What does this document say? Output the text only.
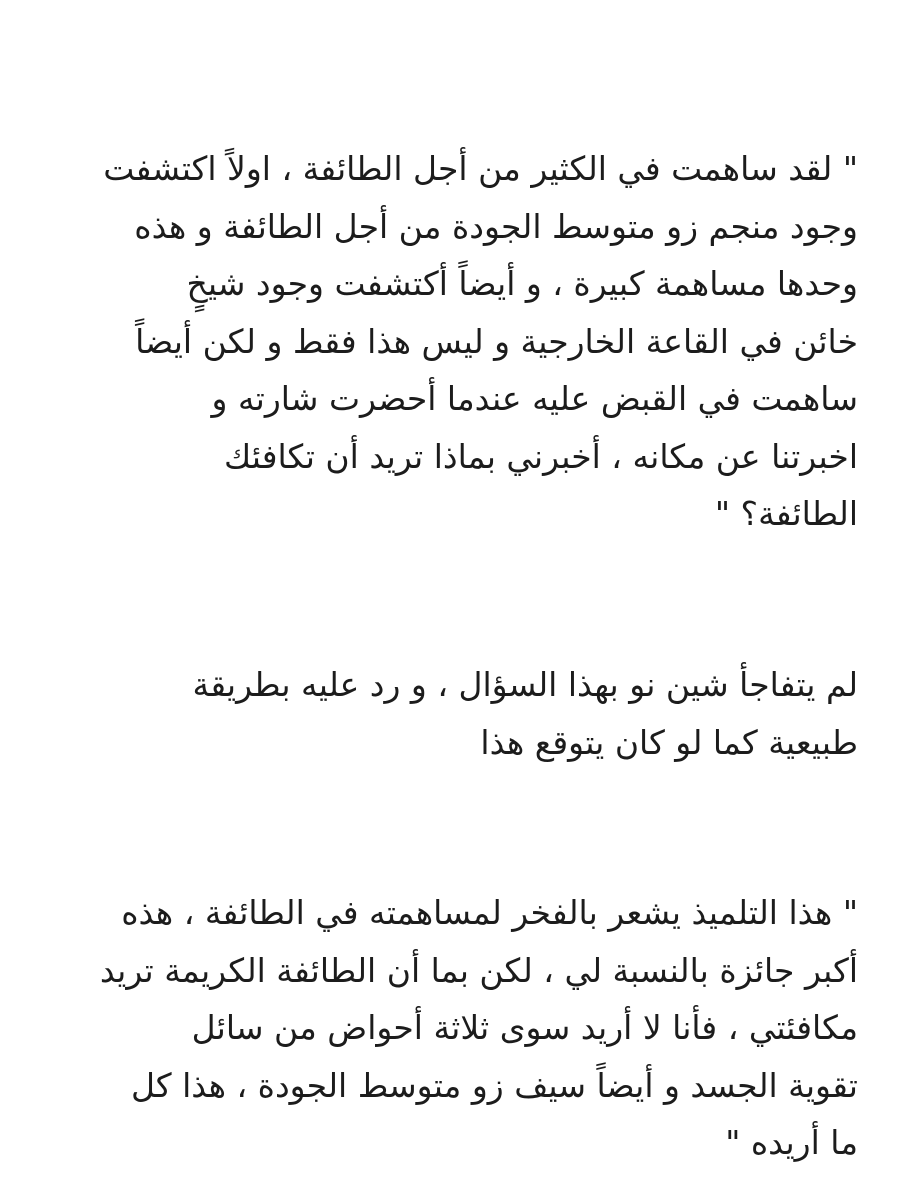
" لقد ساهمت في الكثير من أجل الطائفة ، اولاً اكتشفت
وجود منجم زو متوسط الجودة من أجل الطائفة و هذه
وحدها مساهمة كبيرة ، و أيضاً أكتشفت وجود شيخٍ
خائن في القاعة الخارجية و ليس هذا فقط و لكن أيضاً
ساهمت في القبض عليه عندما أحضرت شارته و
اخبرتنا عن مكانه ، أخبرني بماذا تريد أن تكافئك
الطائفة؟ "

لم يتفاجأ شين نو بهذا السؤال ، و رد عليه بطريقة
طبيعية كما لو كان يتوقع هذا

" هذا التلميذ يشعر بالفخر لمساهمته في الطائفة ، هذه
أكبر جائزة بالنسبة لي ، لكن بما أن الطائفة الكريمة تريد
مكافئتي ، فأنا لا أريد سوى ثلاثة أحواض من سائل
تقوية الجسد و أيضاً سيف زو متوسط الجودة ، هذا كل
ما أريده "
